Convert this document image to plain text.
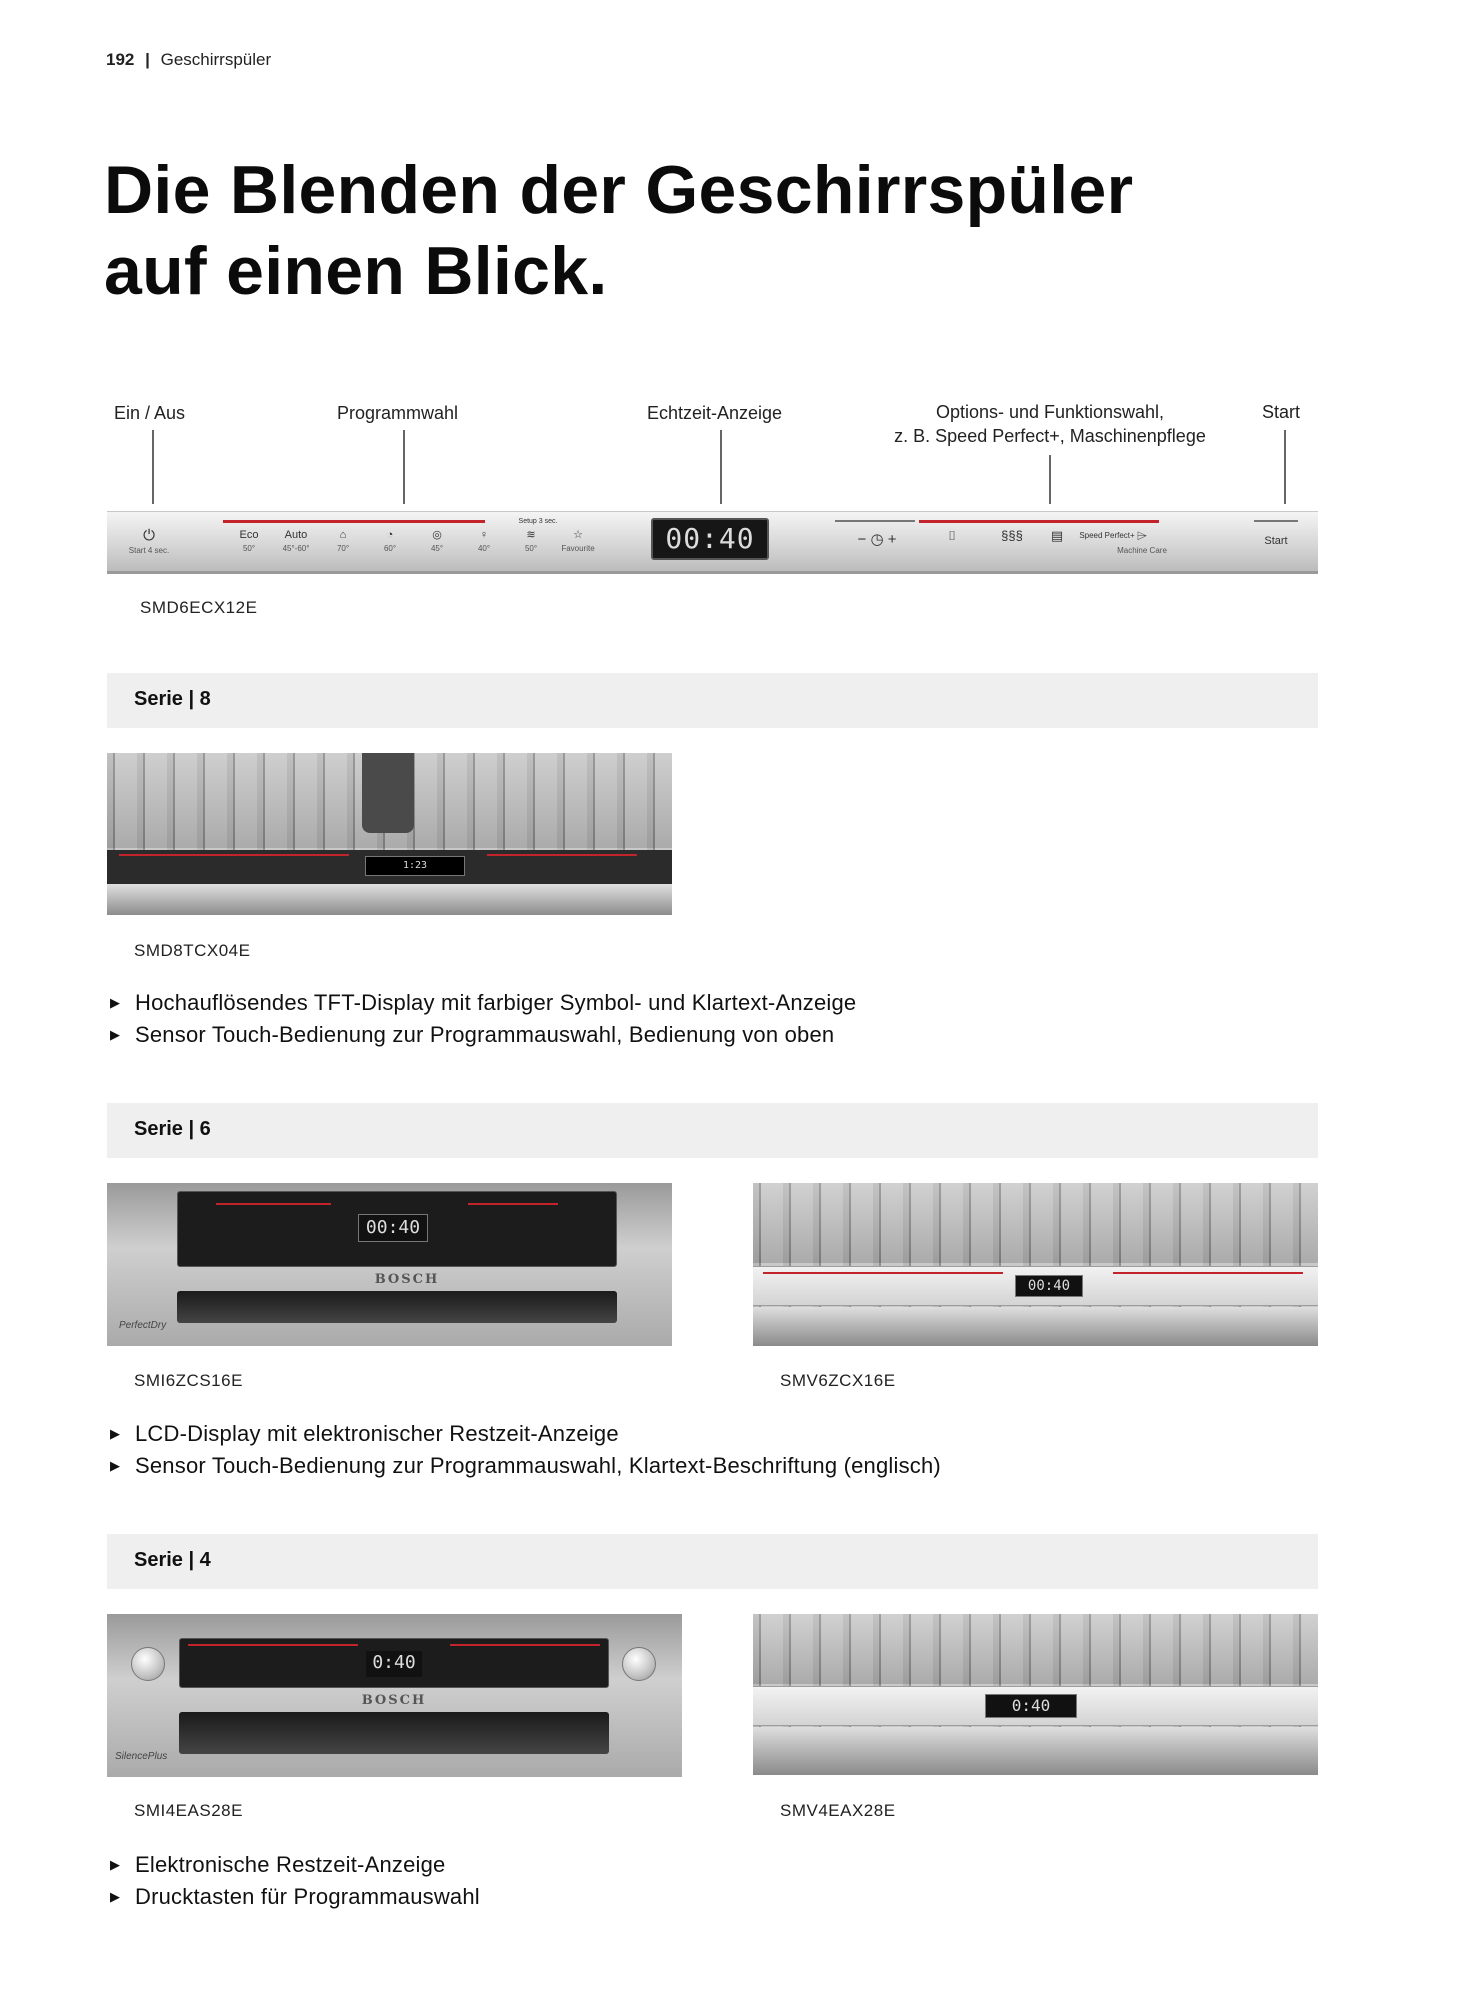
192 | Geschirrspüler
Die Blenden der Geschirrspüler
auf einen Blick.
Ein / Aus	Programmwahl	Echtzeit-Anzeige	Options- und Funktionswahl,
z. B. Speed Perfect+, Maschinenpflege
Start
⏻
Start 4 sec.
Eco
50°
Auto
45°-60°
⌂
70°
◔
60°
◎
45°
♀
40°
≋
50°
☆
Favourite
Setup 3 sec.
00:40	− ◷ +	⌷	§§§	▤	Speed Perfect+ ⌲
Machine Care
Start
SMD6ECX12E
Serie | 8
1:23
SMD8TCX04E
▶ Hochauflösendes TFT-Display mit farbiger Symbol- und Klartext-Anzeige
▶ Sensor Touch-Bedienung zur Programmauswahl, Bedienung von oben
Serie | 6
00:40
BOSCH
PerfectDry
SMI6ZCS16E
00:40
SMV6ZCX16E
▶ LCD-Display mit elektronischer Restzeit-Anzeige
▶ Sensor Touch-Bedienung zur Programmauswahl, Klartext-Beschriftung (englisch)
Serie | 4
0:40
BOSCH
SilencePlus
SMI4EAS28E
0:40
SMV4EAX28E
▶ Elektronische Restzeit-Anzeige
▶ Drucktasten für Programmauswahl
